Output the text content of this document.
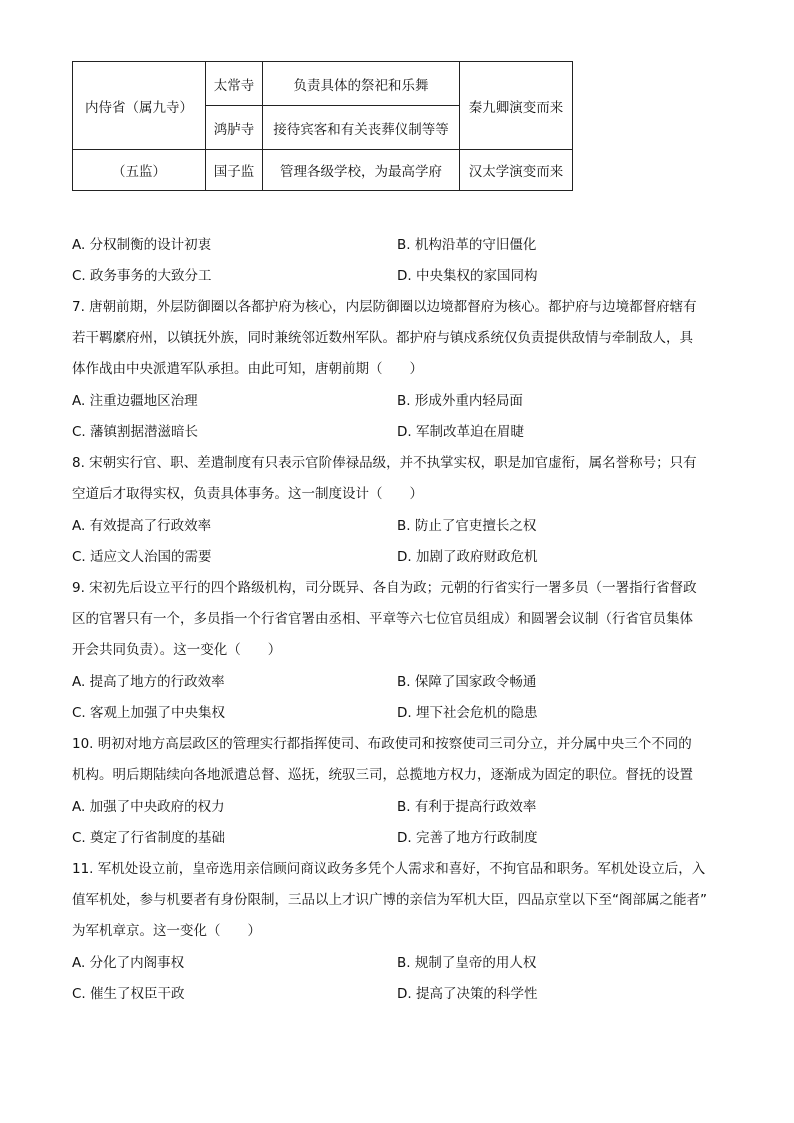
内侍省（属九寺）	太常寺	负责具体的祭祀和乐舞	秦九卿演变而来
	鸿胪寺	接待宾客和有关丧葬仪制等等	
（五监）	国子监	管理各级学校，为最高学府	汉太学演变而来
A. 分权制衡的设计初衷	B. 机构沿革的守旧僵化
C. 政务事务的大致分工	D. 中央集权的家国同构
7. 唐朝前期，外层防御圈以各都护府为核心，内层防御圈以边境都督府为核心。都护府与边境都督府辖有
若干羁縻府州，以镇抚外族，同时兼统邻近数州军队。都护府与镇戍系统仅负责提供敌情与牵制敌人，具
体作战由中央派遣军队承担。由此可知，唐朝前期（　　）
A. 注重边疆地区治理	B. 形成外重内轻局面
C. 藩镇割据潜滋暗长	D. 军制改革迫在眉睫
8. 宋朝实行官、职、差遣制度有只表示官阶俸禄品级，并不执掌实权，职是加官虚衔，属名誉称号；只有
空道后才取得实权，负责具体事务。这一制度设计（　　）
A. 有效提高了行政效率	B. 防止了官吏擅长之权
C. 适应文人治国的需要	D. 加剧了政府财政危机
9. 宋初先后设立平行的四个路级机构，司分既异、各自为政；元朝的行省实行一署多员（一署指行省督政
区的官署只有一个，多员指一个行省官署由丞相、平章等六七位官员组成）和圆署会议制（行省官员集体
开会共同负责）。这一变化（　　）
A. 提高了地方的行政效率	B. 保障了国家政令畅通
C. 客观上加强了中央集权	D. 埋下社会危机的隐患
10. 明初对地方高层政区的管理实行都指挥使司、布政使司和按察使司三司分立，并分属中央三个不同的
机构。明后期陆续向各地派遣总督、巡抚，统驭三司，总揽地方权力，逐渐成为固定的职位。督抚的设置
A. 加强了中央政府的权力	B. 有利于提高行政效率
C. 奠定了行省制度的基础	D. 完善了地方行政制度
11. 军机处设立前，皇帝选用亲信顾问商议政务多凭个人需求和喜好，不拘官品和职务。军机处设立后，入
值军机处，参与机要者有身份限制，三品以上才识广博的亲信为军机大臣，四品京堂以下至“阁部属之能者”
为军机章京。这一变化（　　）
A. 分化了内阁事权	B. 规制了皇帝的用人权
C. 催生了权臣干政	D. 提高了决策的科学性
